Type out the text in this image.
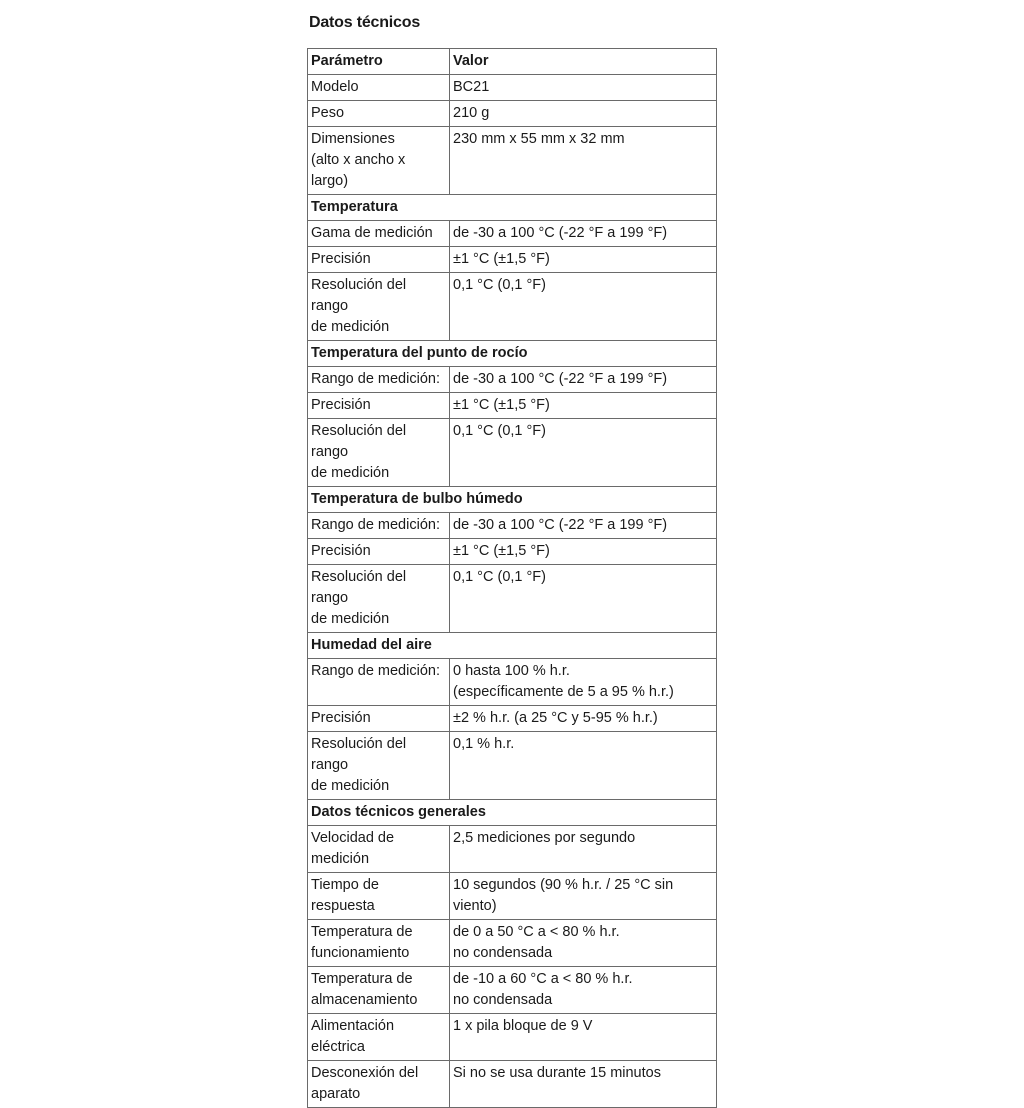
Datos técnicos
Parámetro	Valor
Modelo	BC21
Peso	210 g
Dimensiones
(alto x ancho x largo)	230 mm x 55 mm x 32 mm
Temperatura	
Gama de medición	de -30 a 100 °C (-22 °F a 199 °F)
Precisión	±1 °C (±1,5 °F)
Resolución del rango
de medición	0,1 °C (0,1 °F)
Temperatura del punto de rocío	
Rango de medición:	de -30 a 100 °C (-22 °F a 199 °F)
Precisión	±1 °C (±1,5 °F)
Resolución del rango
de medición	0,1 °C (0,1 °F)
Temperatura de bulbo húmedo	
Rango de medición:	de -30 a 100 °C (-22 °F a 199 °F)
Precisión	±1 °C (±1,5 °F)
Resolución del rango
de medición	0,1 °C (0,1 °F)
Humedad del aire	
Rango de medición:	0 hasta 100 % h.r.
(específicamente de 5 a 95 % h.r.)
Precisión	±2 % h.r. (a 25 °C y 5-95 % h.r.)
Resolución del rango
de medición	0,1 % h.r.
Datos técnicos generales	
Velocidad de
medición	2,5 mediciones por segundo
Tiempo de respuesta	10 segundos (90 % h.r. / 25 °C sin
viento)
Temperatura de
funcionamiento	de 0 a 50 °C a < 80 % h.r.
no condensada
Temperatura de
almacenamiento	de -10 a 60 °C a < 80 % h.r.
no condensada
Alimentación
eléctrica	1 x pila bloque de 9 V
Desconexión del
aparato	Si no se usa durante 15 minutos
